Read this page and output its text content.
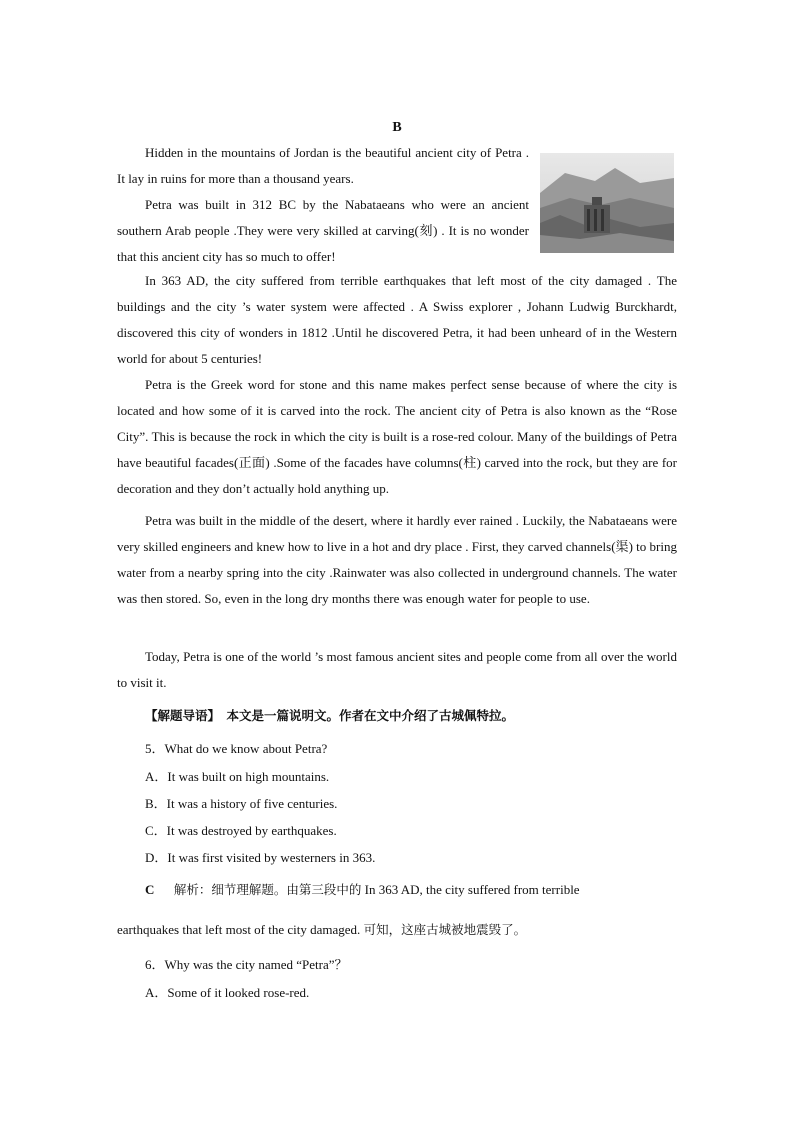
B

Hidden in the mountains of Jordan is the beautiful ancient city of Petra . It lay in ruins for more than a thousand years.

Petra was built in 312 BC by the Nabataeans who were an ancient southern Arab people .They were very skilled at carving(刻) . It is no wonder that this ancient city has so much to offer!

In 363 AD, the city suffered from terrible earthquakes that left most of the city damaged . The buildings and the city ’s water system were affected . A Swiss explorer , Johann Ludwig Burckhardt, discovered this city of wonders in 1812 .Until he discovered Petra, it had been unheard of in the Western world for about 5 centuries!

Petra is the Greek word for stone and this name makes perfect sense because of where the city is located and how some of it is carved into the rock. The ancient city of Petra is also known as the “Rose City”. This is because the rock in which the city is built is a rose-red colour. Many of the buildings of Petra have beautiful facades(正面) .Some of the facades have columns(柱) carved into the rock, but they are for decoration and they don’t actually hold anything up.

Petra was built in the middle of the desert, where it hardly ever rained . Luckily, the Nabataeans were very skilled engineers and knew how to live in a hot and dry place . First, they carved channels(渠) to bring water from a nearby spring into the city .Rainwater was also collected in underground channels. The water was then stored. So, even in the long dry months there was enough water for people to use.

Today, Petra is one of the world ’s most famous ancient sites and people come from all over the world to visit it.

【解题导语】 本文是一篇说明文。作者在文中介绍了古城佩特拉。

5．What do we know about Petra?
A．It was built on high mountains.
B．It was a history of five centuries.
C．It was destroyed by earthquakes.
D．It was first visited by westerners in 363.
C 解析：细节理解题。由第三段中的 In 363 AD, the city suffered from terrible
earthquakes that left most of the city damaged. 可知，这座古城被地震毁了。
6．Why was the city named “Petra”？
A．Some of it looked rose-red.
